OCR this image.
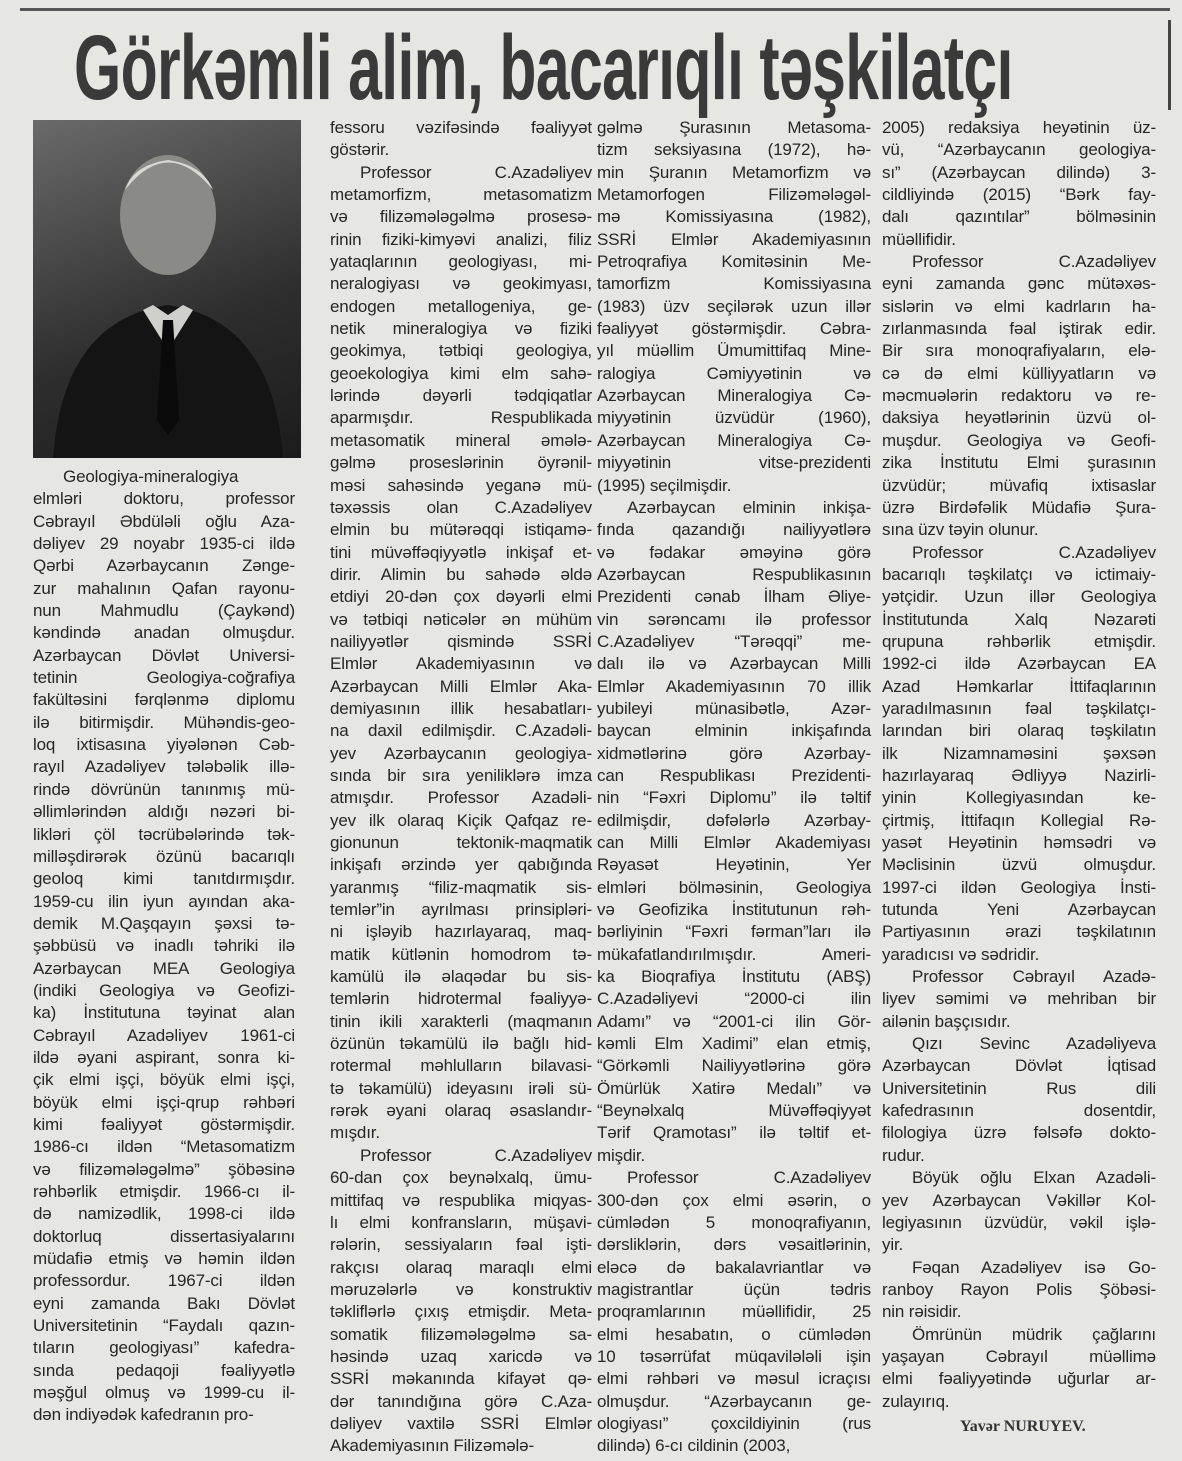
Görkəmli alim, bacarıqlı təşkilatçı
Geologiya-mineralogiya
elmləri doktoru, professor
Cəbrayıl Əbdüləli oğlu Aza-
dəliyev 29 noyabr 1935-ci ildə
Qərbi Azərbaycanın Zənge-
zur mahalının Qafan rayonu-
nun Mahmudlu (Çaykənd)
kəndində anadan olmuşdur.
Azərbaycan Dövlət Universi-
tetinin Geologiya-coğrafiya
fakültəsini fərqlənmə diplomu
ilə bitirmişdir. Mühəndis-geo-
loq ixtisasına yiyələnən Cəb-
rayıl Azadəliyev tələbəlik illə-
rində dövrünün tanınmış mü-
əllimlərindən aldığı nəzəri bi-
likləri çöl təcrübələrində tək-
milləşdirərək özünü bacarıqlı
geoloq kimi tanıtdırmışdır.
1959-cu ilin iyun ayından aka-
demik M.Qaşqayın şəxsi tə-
şəbbüsü və inadlı təhriki ilə
Azərbaycan MEA Geologiya
(indiki Geologiya və Geofizi-
ka) İnstitutuna təyinat alan
Cəbrayıl Azadəliyev 1961-ci
ildə əyani aspirant, sonra ki-
çik elmi işçi, böyük elmi işçi,
böyük elmi işçi-qrup rəhbəri
kimi fəaliyyət göstərmişdir.
1986-cı ildən “Metasomatizm
və filizəmələgəlmə” şöbəsinə
rəhbərlik etmişdir. 1966-cı il-
də namizədlik, 1998-ci ildə
doktorluq dissertasiyalarını
müdafiə etmiş və həmin ildən
professordur. 1967-ci ildən
eyni zamanda Bakı Dövlət
Universitetinin “Faydalı qazın-
tıların geologiyası” kafedra-
sında pedaqoji fəaliyyətlə
məşğul olmuş və 1999-cu il-
dən indiyədək kafedranın pro-
fessoru vəzifəsində fəaliyyət
göstərir.
Professor C.Azadəliyev
metamorfizm, metasomatizm
və filizəmələgəlmə prosesə-
rinin fiziki-kimyəvi analizi, filiz
yataqlarının geologiyası, mi-
neralogiyası və geokimyası,
endogen metallogeniya, ge-
netik mineralogiya və fiziki
geokimya, tətbiqi geologiya,
geoekologiya kimi elm sahə-
lərində dəyərli tədqiqatlar
aparmışdır. Respublikada
metasomatik mineral əmələ-
gəlmə proseslərinin öyrənil-
məsi sahəsində yeganə mü-
təxəssis olan C.Azadəliyev
elmin bu mütərəqqi istiqamə-
tini müvəffəqiyyətlə inkişaf et-
dirir. Alimin bu sahədə əldə
etdiyi 20-dən çox dəyərli elmi
və tətbiqi nəticələr ən mühüm
nailiyyətlər qismində SSRİ
Elmlər Akademiyasının və
Azərbaycan Milli Elmlər Aka-
demiyasının illik hesabatları-
na daxil edilmişdir. C.Azadəli-
yev Azərbaycanın geologiya-
sında bir sıra yeniliklərə imza
atmışdır. Professor Azadəli-
yev ilk olaraq Kiçik Qafqaz re-
gionunun tektonik-maqmatik
inkişafı ərzində yer qabığında
yaranmış “filiz-maqmatik sis-
temlər”in ayrılması prinsipləri-
ni işləyib hazırlayaraq, maq-
matik kütlənin homodrom tə-
kamülü ilə əlaqədar bu sis-
temlərin hidrotermal fəaliyyə-
tinin ikili xarakterli (maqmanın
özünün təkamülü ilə bağlı hid-
rotermal məhlulların bilavasi-
tə təkamülü) ideyasını irəli sü-
rərək əyani olaraq əsaslandır-
mışdır.
Professor C.Azadəliyev
60-dan çox beynəlxalq, ümu-
mittifaq və respublika miqyas-
lı elmi konfransların, müşavi-
rələrin, sessiyaların fəal işti-
rakçısı olaraq maraqlı elmi
məruzələrlə və konstruktiv
təkliflərlə çıxış etmişdir. Meta-
somatik filizəmələgəlmə sa-
həsində uzaq xaricdə və
SSRİ məkanında kifayət qə-
dər tanındığına görə C.Aza-
dəliyev vaxtilə SSRİ Elmlər
Akademiyasının Filizəmələ-
gəlmə Şurasının Metasoma-
tizm seksiyasına (1972), hə-
min Şuranın Metamorfizm və
Metamorfogen Filizəmələgəl-
mə Komissiyasına (1982),
SSRİ Elmlər Akademiyasının
Petroqrafiya Komitəsinin Me-
tamorfizm Komissiyasına
(1983) üzv seçilərək uzun illər
fəaliyyət göstərmişdir. Cəbra-
yıl müəllim Ümumittifaq Mine-
ralogiya Cəmiyyətinin və
Azərbaycan Mineralogiya Cə-
miyyətinin üzvüdür (1960),
Azərbaycan Mineralogiya Cə-
miyyətinin vitse-prezidenti
(1995) seçilmişdir.
Azərbaycan elminin inkişa-
fında qazandığı nailiyyətlərə
və fədakar əməyinə görə
Azərbaycan Respublikasının
Prezidenti cənab İlham Əliye-
vin sərəncamı ilə professor
C.Azadəliyev “Tərəqqi” me-
dalı ilə və Azərbaycan Milli
Elmlər Akademiyasının 70 illik
yubileyi münasibətlə, Azər-
baycan elminin inkişafında
xidmətlərinə görə Azərbay-
can Respublikası Prezidenti-
nin “Fəxri Diplomu” ilə təltif
edilmişdir, dəfələrlə Azərbay-
can Milli Elmlər Akademiyası
Rəyasət Heyətinin, Yer
elmləri bölməsinin, Geologiya
və Geofizika İnstitutunun rəh-
bərliyinin “Fəxri fərman”ları ilə
mükafatlandırılmışdır. Ameri-
ka Bioqrafiya İnstitutu (ABŞ)
C.Azadəliyevi “2000-ci ilin
Adamı” və “2001-ci ilin Gör-
kəmli Elm Xadimi” elan etmiş,
“Görkəmli Nailiyyətlərinə görə
Ömürlük Xatirə Medalı” və
“Beynəlxalq Müvəffəqiyyət
Tərif Qramotası” ilə təltif et-
mişdir.
Professor C.Azadəliyev
300-dən çox elmi əsərin, o
cümlədən 5 monoqrafiyanın,
dərsliklərin, dərs vəsaitlərinin,
eləcə də bakalavriantlar və
magistrantlar üçün tədris
proqramlarının müəllifidir, 25
elmi hesabatın, o cümlədən
10 təsərrüfat müqavilələli işin
elmi rəhbəri və məsul icraçısı
olmuşdur. “Azərbaycanın ge-
ologiyası” çoxcildiyinin (rus
dilində) 6-cı cildinin (2003,
2005) redaksiya heyətinin üz-
vü, “Azərbaycanın geologiya-
sı” (Azərbaycan dilində) 3-
cildliyində (2015) “Bərk fay-
dalı qazıntılar” bölməsinin
müəllifidir.
Professor C.Azadəliyev
eyni zamanda gənc mütəxəs-
sislərin və elmi kadrların ha-
zırlanmasında fəal iştirak edir.
Bir sıra monoqrafiyaların, elə-
cə də elmi külliyyatların və
məcmuələrin redaktoru və re-
daksiya heyətlərinin üzvü ol-
muşdur. Geologiya və Geofi-
zika İnstitutu Elmi şurasının
üzvüdür; müvafiq ixtisaslar
üzrə Birdəfəlik Müdafiə Şura-
sına üzv təyin olunur.
Professor C.Azadəliyev
bacarıqlı təşkilatçı və ictimaiy-
yətçidir. Uzun illər Geologiya
İnstitutunda Xalq Nəzarəti
qrupuna rəhbərlik etmişdir.
1992-ci ildə Azərbaycan EA
Azad Həmkarlar İttifaqlarının
yaradılmasının fəal təşkilatçı-
larından biri olaraq təşkilatın
ilk Nizamnaməsini şəxsən
hazırlayaraq Ədliyyə Nazirli-
yinin Kollegiyasından ke-
çirtmiş, İttifaqın Kollegial Rə-
yasət Heyətinin həmsədri və
Məclisinin üzvü olmuşdur.
1997-ci ildən Geologiya İnsti-
tutunda Yeni Azərbaycan
Partiyasının ərazi təşkilatının
yaradıcısı və sədridir.
Professor Cəbrayıl Azadə-
liyev səmimi və mehriban bir
ailənin başçısıdır.
Qızı Sevinc Azadəliyeva
Azərbaycan Dövlət İqtisad
Universitetinin Rus dili
kafedrasının dosentdir,
filologiya üzrə fəlsəfə dokto-
rudur.
Böyük oğlu Elxan Azadəli-
yev Azərbaycan Vəkillər Kol-
legiyasının üzvüdür, vəkil işlə-
yir.
Fəqan Azadəliyev isə Go-
ranboy Rayon Polis Şöbəsi-
nin rəisidir.
Ömrünün müdrik çağlarını
yaşayan Cəbrayıl müəllimə
elmi fəaliyyətində uğurlar ar-
zulayırıq.
Yavər NURUYEV.
